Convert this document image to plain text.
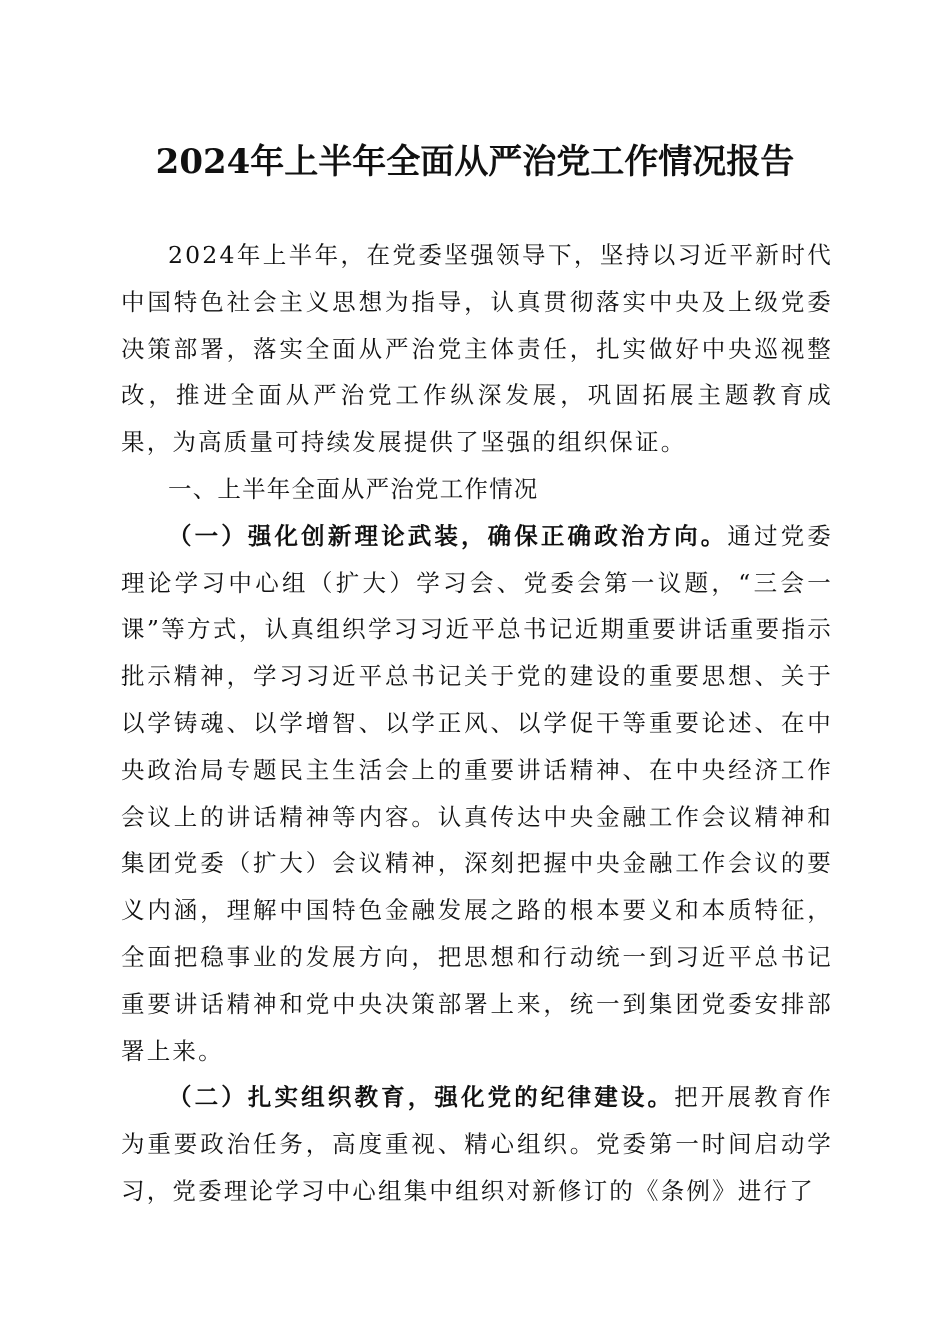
2024年上半年全面从严治党工作情况报告

2024年上半年，在党委坚强领导下，坚持以习近平新时代中国特色社会主义思想为指导，认真贯彻落实中央及上级党委决策部署，落实全面从严治党主体责任，扎实做好中央巡视整改，推进全面从严治党工作纵深发展，巩固拓展主题教育成果，为高质量可持续发展提供了坚强的组织保证。

一、上半年全面从严治党工作情况

（一）强化创新理论武装，确保正确政治方向。通过党委理论学习中心组（扩大）学习会、党委会第一议题，“三会一课”等方式，认真组织学习习近平总书记近期重要讲话重要指示批示精神，学习习近平总书记关于党的建设的重要思想、关于以学铸魂、以学增智、以学正风、以学促干等重要论述、在中央政治局专题民主生活会上的重要讲话精神、在中央经济工作会议上的讲话精神等内容。认真传达中央金融工作会议精神和集团党委（扩大）会议精神，深刻把握中央金融工作会议的要义内涵，理解中国特色金融发展之路的根本要义和本质特征，全面把稳事业的发展方向，把思想和行动统一到习近平总书记重要讲话精神和党中央决策部署上来，统一到集团党委安排部署上来。

（二）扎实组织教育，强化党的纪律建设。把开展教育作为重要政治任务，高度重视、精心组织。党委第一时间启动学习，党委理论学习中心组集中组织对新修订的《条例》进行了
